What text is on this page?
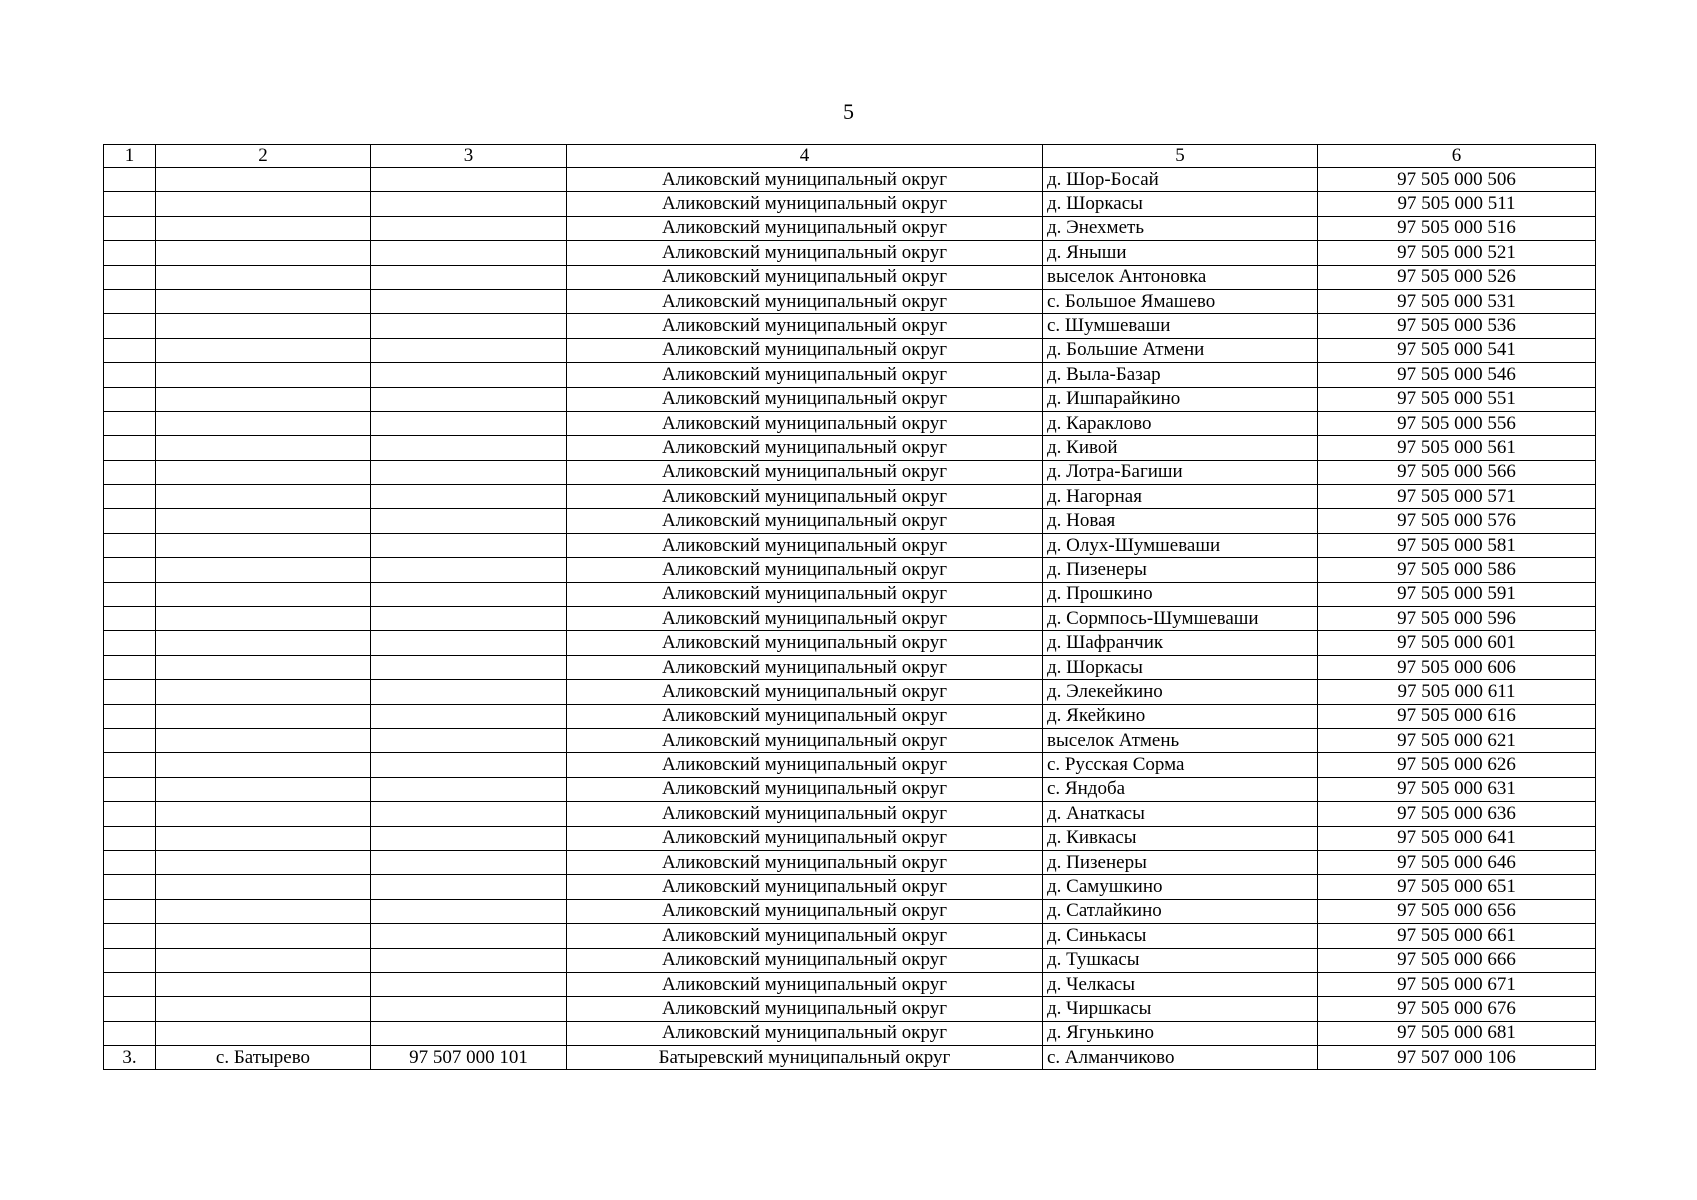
5
1	2	3	4	5	6
			Аликовский муниципальный округ	д. Шор-Босай	97 505 000 506
			Аликовский муниципальный округ	д. Шоркасы	97 505 000 511
			Аликовский муниципальный округ	д. Энехметь	97 505 000 516
			Аликовский муниципальный округ	д. Яныши	97 505 000 521
			Аликовский муниципальный округ	выселок Антоновка	97 505 000 526
			Аликовский муниципальный округ	с. Большое Ямашево	97 505 000 531
			Аликовский муниципальный округ	с. Шумшеваши	97 505 000 536
			Аликовский муниципальный округ	д. Большие Атмени	97 505 000 541
			Аликовский муниципальный округ	д. Выла-Базар	97 505 000 546
			Аликовский муниципальный округ	д. Ишпарайкино	97 505 000 551
			Аликовский муниципальный округ	д. Караклово	97 505 000 556
			Аликовский муниципальный округ	д. Кивой	97 505 000 561
			Аликовский муниципальный округ	д. Лотра-Багиши	97 505 000 566
			Аликовский муниципальный округ	д. Нагорная	97 505 000 571
			Аликовский муниципальный округ	д. Новая	97 505 000 576
			Аликовский муниципальный округ	д. Олух-Шумшеваши	97 505 000 581
			Аликовский муниципальный округ	д. Пизенеры	97 505 000 586
			Аликовский муниципальный округ	д. Прошкино	97 505 000 591
			Аликовский муниципальный округ	д. Сормпось-Шумшеваши	97 505 000 596
			Аликовский муниципальный округ	д. Шафранчик	97 505 000 601
			Аликовский муниципальный округ	д. Шоркасы	97 505 000 606
			Аликовский муниципальный округ	д. Элекейкино	97 505 000 611
			Аликовский муниципальный округ	д. Якейкино	97 505 000 616
			Аликовский муниципальный округ	выселок Атмень	97 505 000 621
			Аликовский муниципальный округ	с. Русская Сорма	97 505 000 626
			Аликовский муниципальный округ	с. Яндоба	97 505 000 631
			Аликовский муниципальный округ	д. Анаткасы	97 505 000 636
			Аликовский муниципальный округ	д. Кивкасы	97 505 000 641
			Аликовский муниципальный округ	д. Пизенеры	97 505 000 646
			Аликовский муниципальный округ	д. Самушкино	97 505 000 651
			Аликовский муниципальный округ	д. Сатлайкино	97 505 000 656
			Аликовский муниципальный округ	д. Синькасы	97 505 000 661
			Аликовский муниципальный округ	д. Тушкасы	97 505 000 666
			Аликовский муниципальный округ	д. Челкасы	97 505 000 671
			Аликовский муниципальный округ	д. Чиршкасы	97 505 000 676
			Аликовский муниципальный округ	д. Ягунькино	97 505 000 681
3.	с. Батырево	97 507 000 101	Батыревский муниципальный округ	с. Алманчиково	97 507 000 106
